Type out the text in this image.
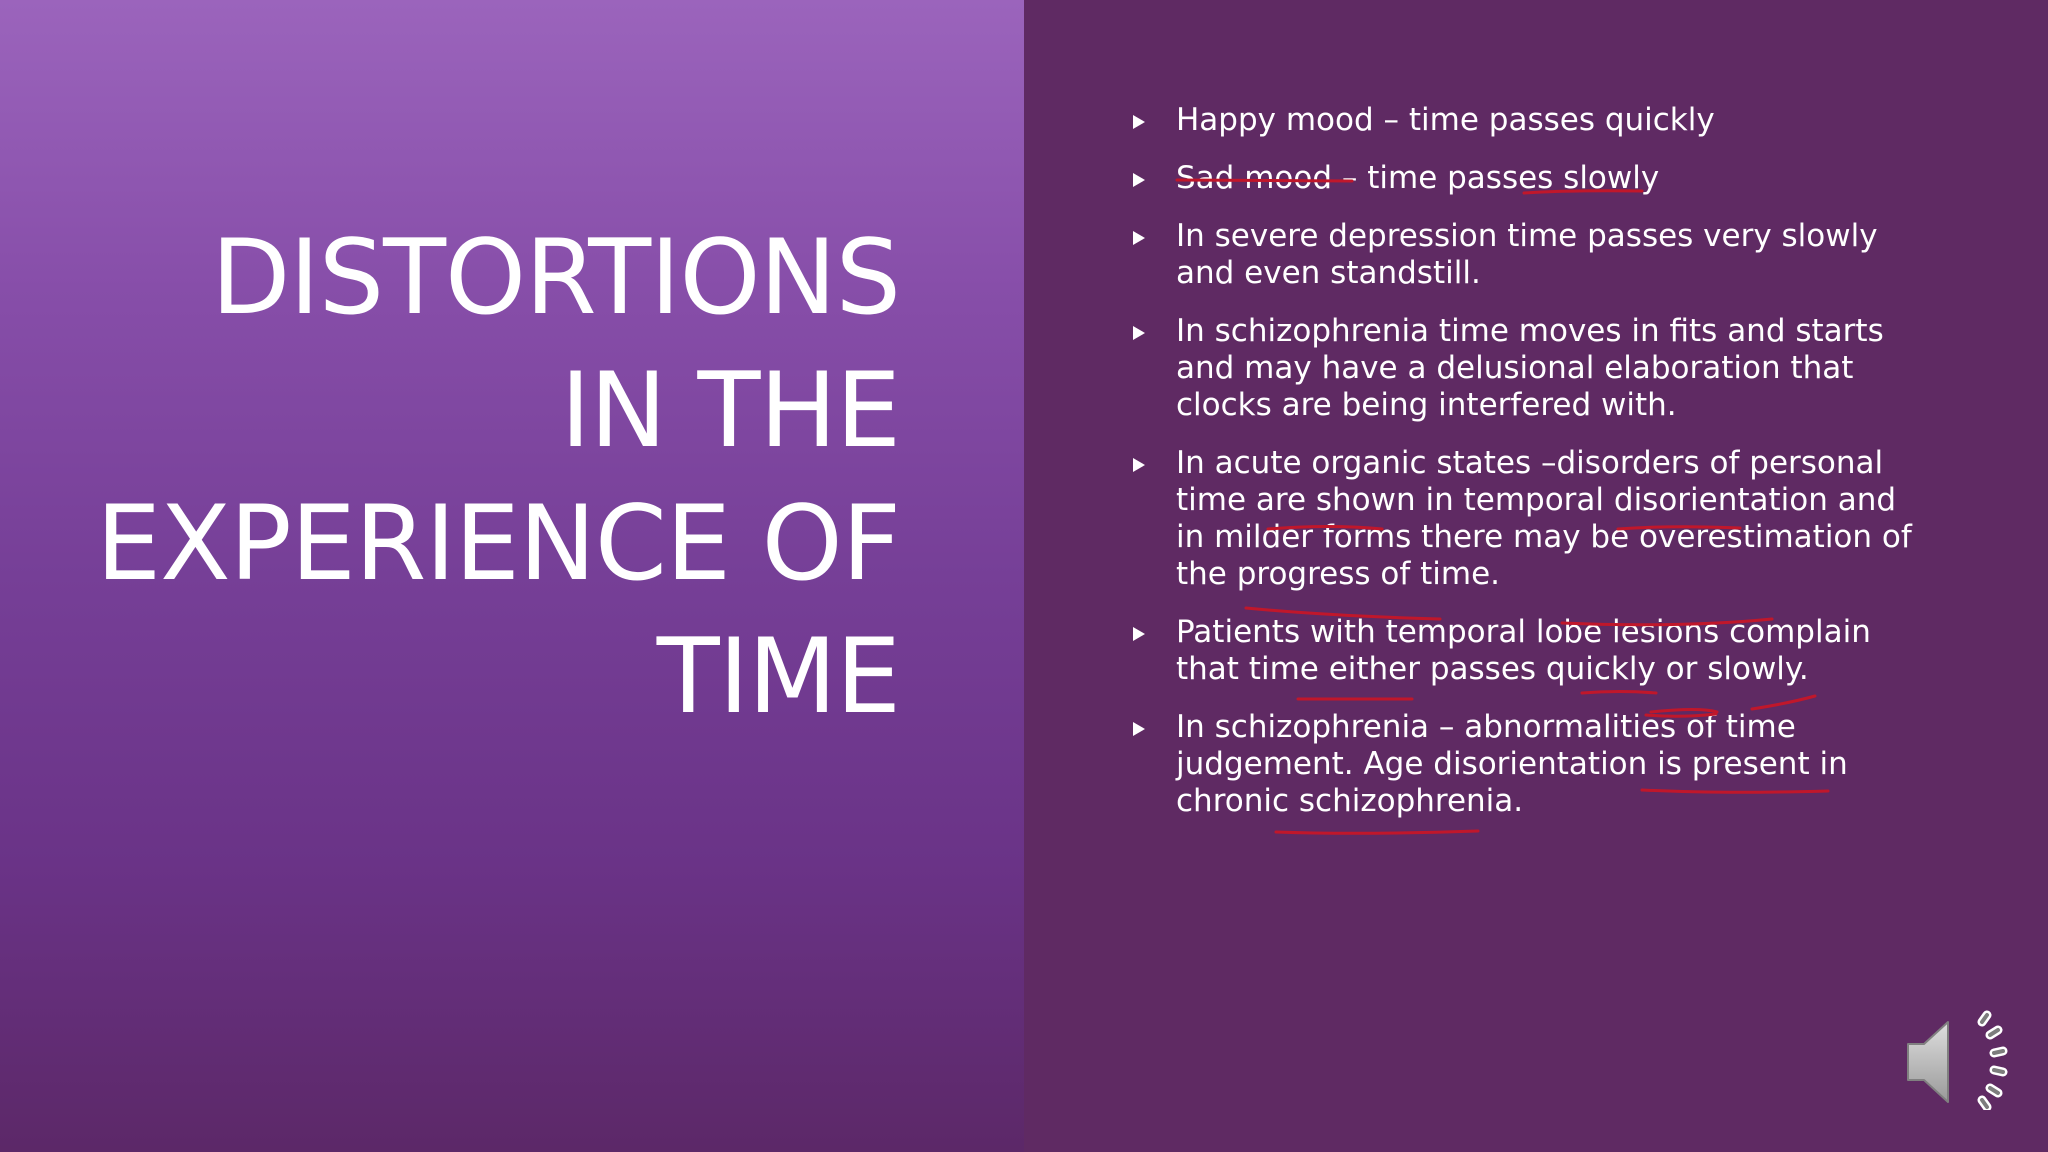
DISTORTIONS
IN THE
EXPERIENCE OF
TIME
Happy mood – time passes quickly
Sad mood – time passes slowly
In severe depression time passes very slowly and even standstill.
In schizophrenia time moves in fits and starts and may have a delusional elaboration that clocks are being interfered with.
In acute organic states –disorders of personal time are shown in temporal disorientation and in milder forms there may be overestimation of the progress of time.
Patients with temporal lobe lesions complain that time either passes quickly or slowly.
In schizophrenia – abnormalities of time judgement. Age disorientation is present in chronic schizophrenia.
